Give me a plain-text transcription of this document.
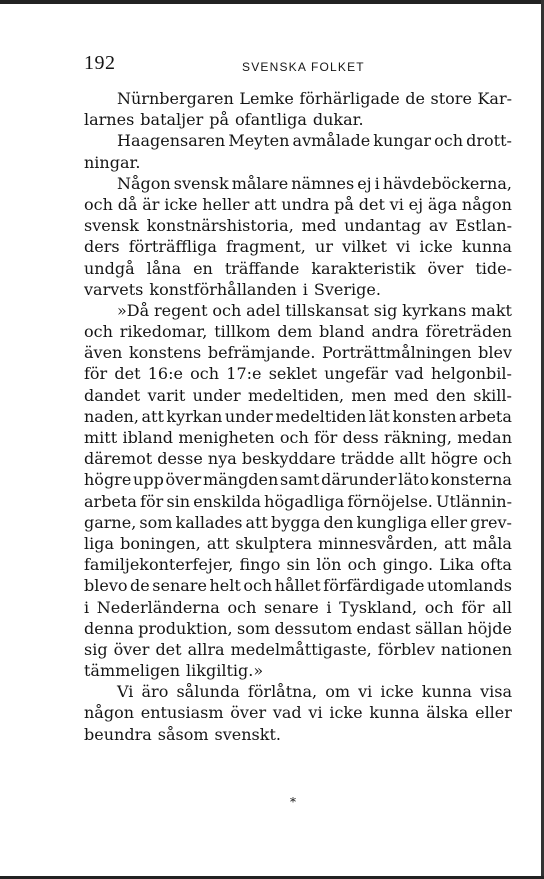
192	SVENSKA FOLKET
Nürnbergaren Lemke förhärligade de store Kar-
larnes bataljer på ofantliga dukar.
Haagensaren Meyten avmålade kungar och drott-
ningar.
Någon svensk målare nämnes ej i hävdeböckerna,
och då är icke heller att undra på det vi ej äga någon
svensk konstnärshistoria, med undantag av Estlan-
ders förträffliga fragment, ur vilket vi icke kunna
undgå låna en träffande karakteristik över tide-
varvets konstförhållanden i Sverige.
»Då regent och adel tillskansat sig kyrkans makt
och rikedomar, tillkom dem bland andra företräden
även konstens befrämjande. Porträttmålningen blev
för det 16:e och 17:e seklet ungefär vad helgonbil-
dandet varit under medeltiden, men med den skill-
naden, att kyrkan under medeltiden lät konsten arbeta
mitt ibland menigheten och för dess räkning, medan
däremot desse nya beskyddare trädde allt högre och
högre upp över mängden samt därunder läto konsterna
arbeta för sin enskilda högadliga förnöjelse. Utlännin-
garne, som kallades att bygga den kungliga eller grev-
liga boningen, att skulptera minnesvården, att måla
familjekonterfejer, fingo sin lön och gingo. Lika ofta
blevo de senare helt och hållet förfärdigade utomlands
i Nederländerna och senare i Tyskland, och för all
denna produktion, som dessutom endast sällan höjde
sig över det allra medelmåttigaste, förblev nationen
tämmeligen likgiltig.»
Vi äro sålunda förlåtna, om vi icke kunna visa
någon entusiasm över vad vi icke kunna älska eller
beundra såsom svenskt.
*
